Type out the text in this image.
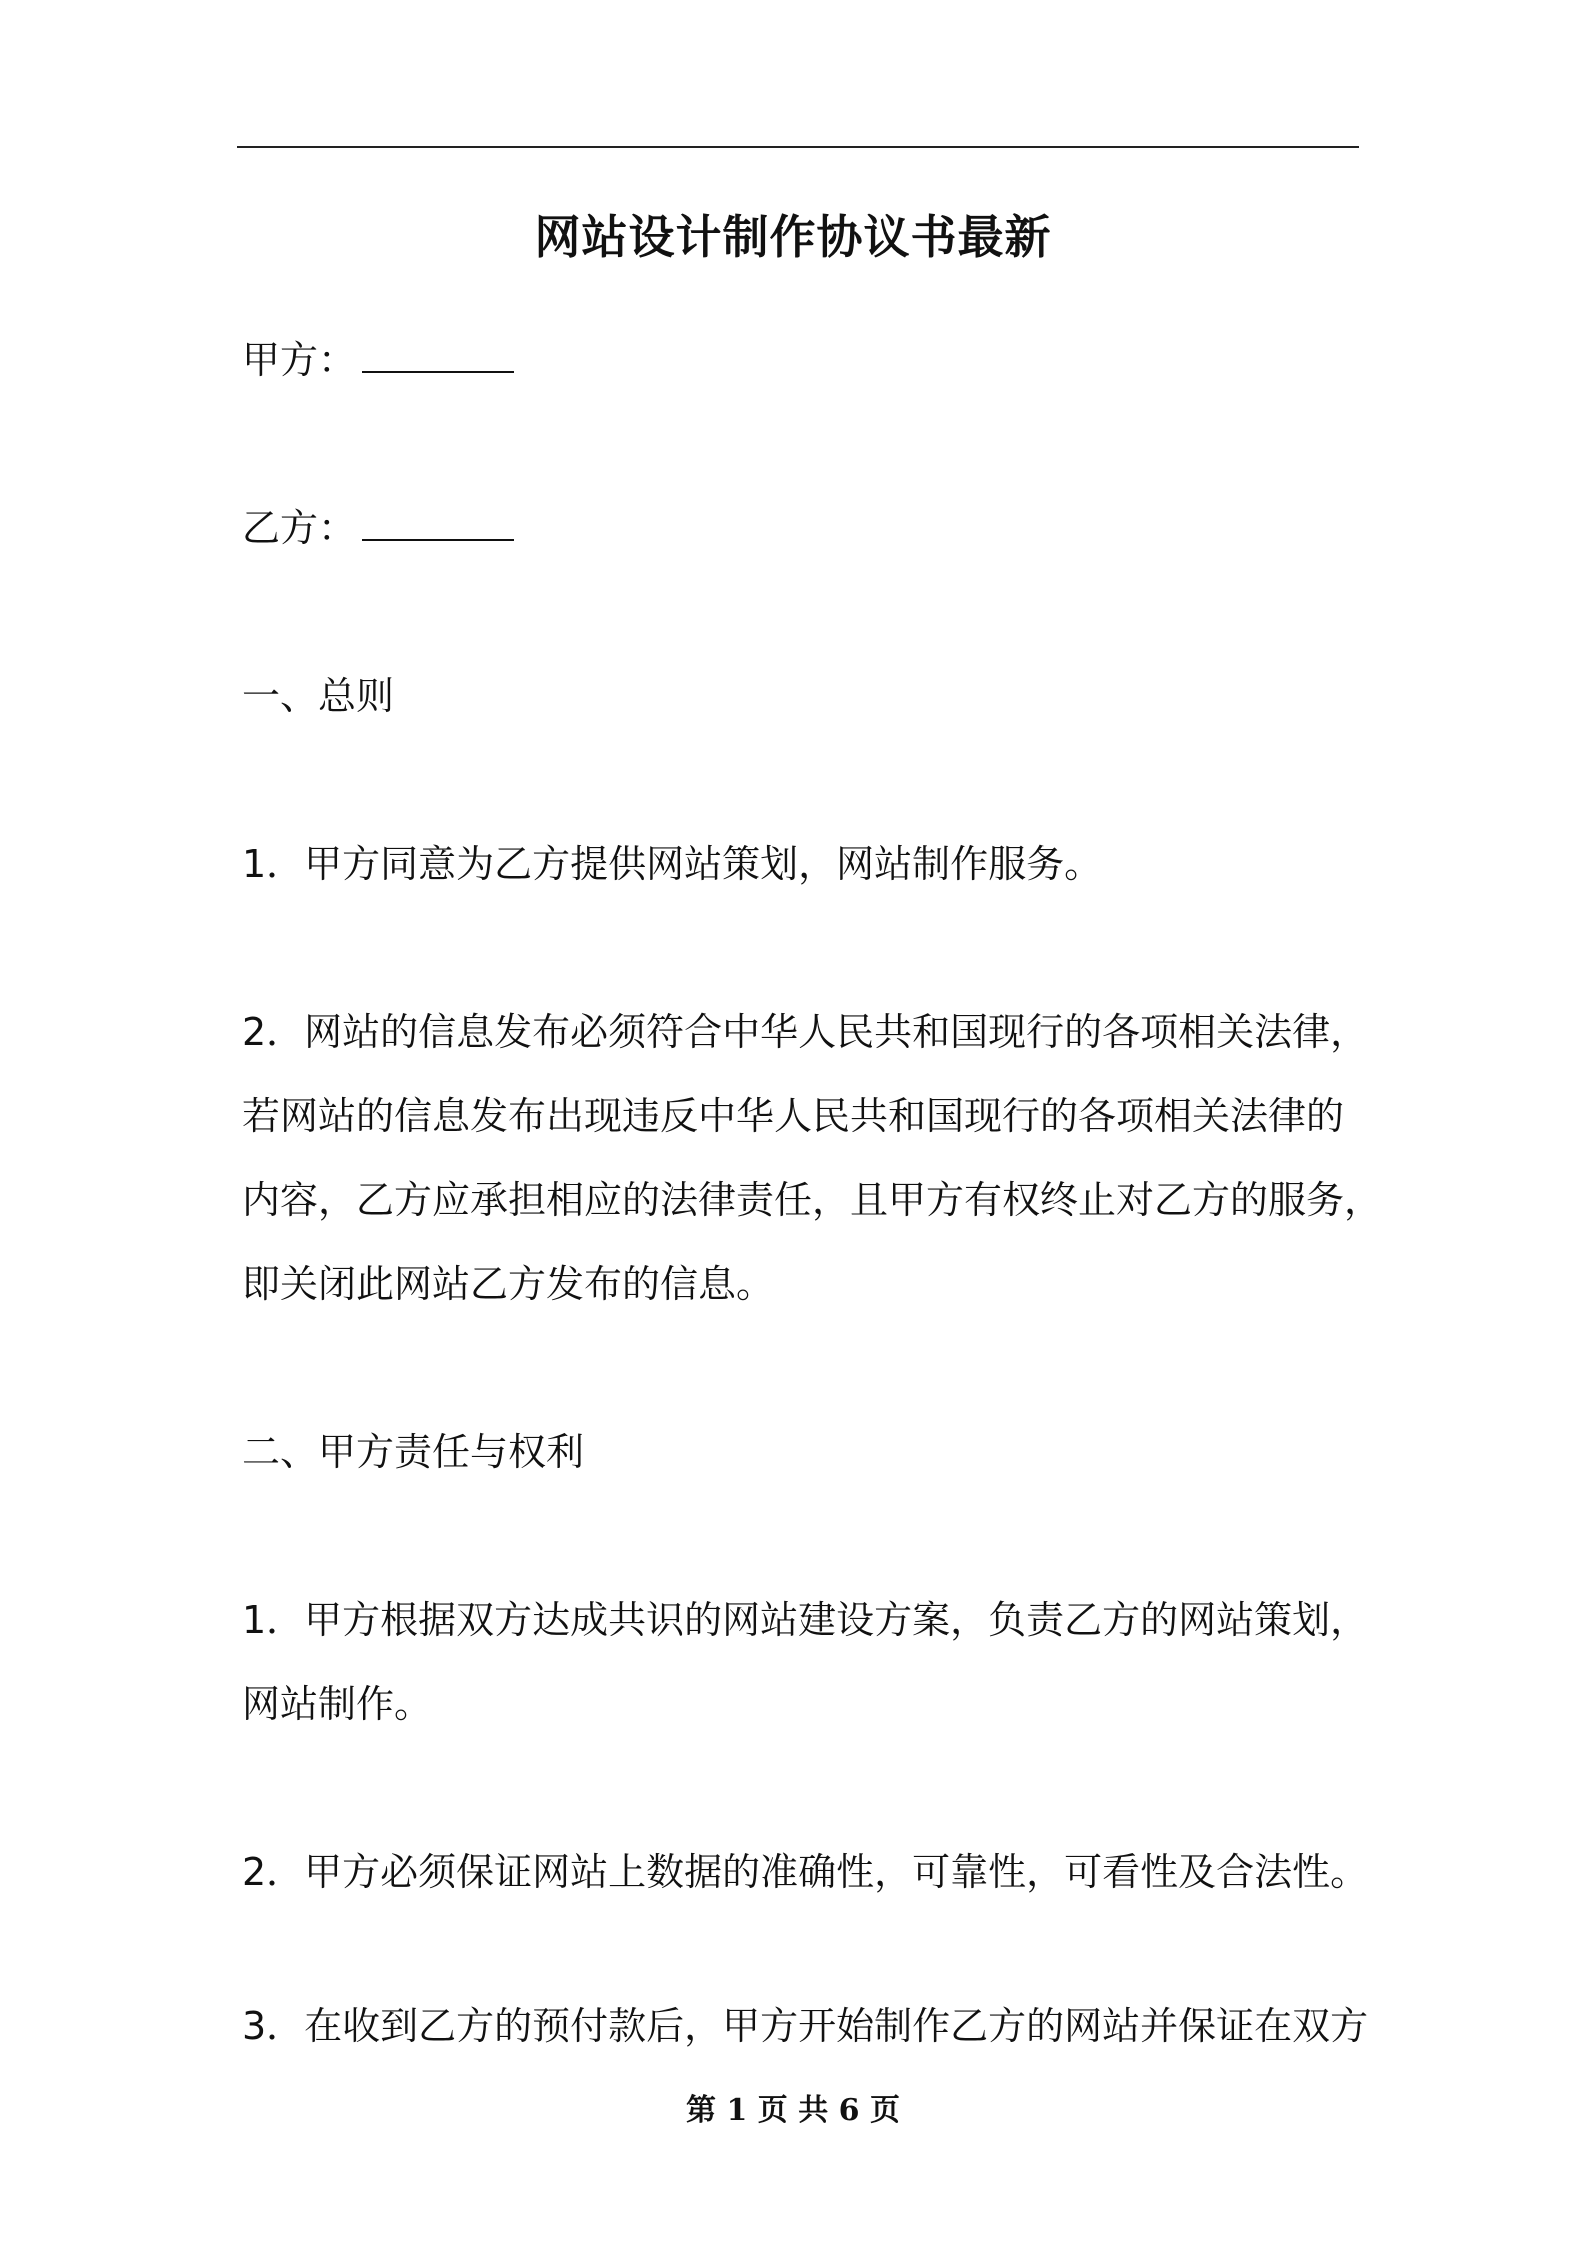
网站设计制作协议书最新
甲方：
乙方：
一、总则
1．甲方同意为乙方提供网站策划，网站制作服务。
2．网站的信息发布必须符合中华人民共和国现行的各项相关法律，
若网站的信息发布出现违反中华人民共和国现行的各项相关法律的
内容，乙方应承担相应的法律责任，且甲方有权终止对乙方的服务，
即关闭此网站乙方发布的信息。
二、甲方责任与权利
1．甲方根据双方达成共识的网站建设方案，负责乙方的网站策划，
网站制作。
2．甲方必须保证网站上数据的准确性，可靠性，可看性及合法性。
3．在收到乙方的预付款后，甲方开始制作乙方的网站并保证在双方
第 1 页 共 6 页
